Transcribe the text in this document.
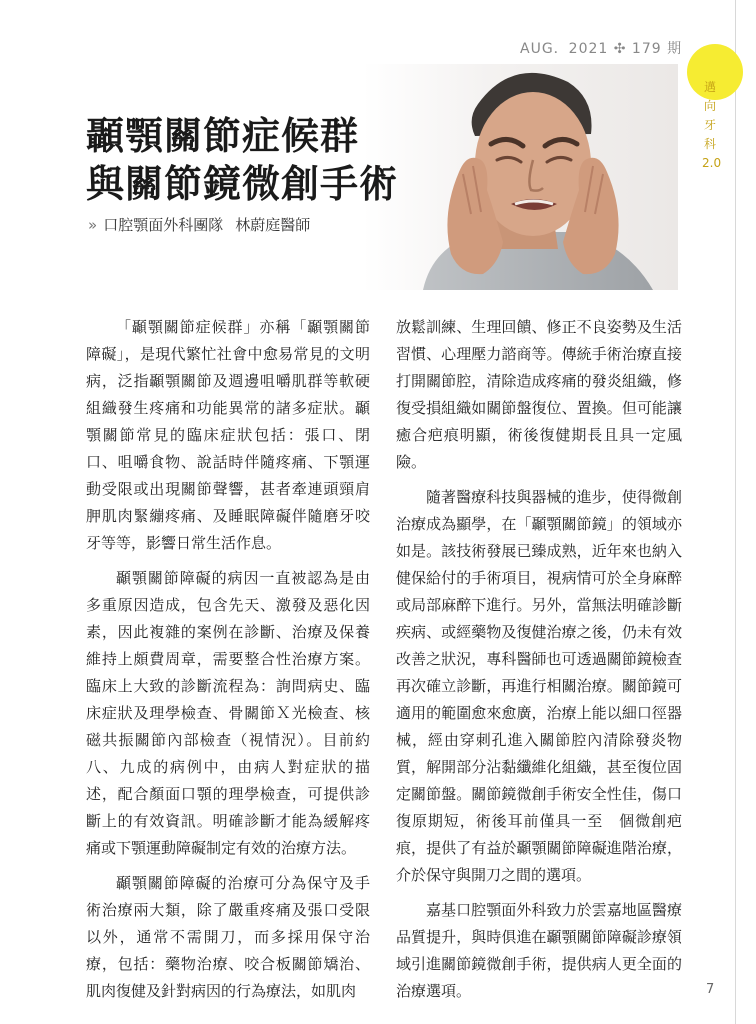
AUG．2021 ✣ 179 期
邁
向
牙
科
2.0
顳顎關節症候群
與關節鏡微創手術
» 口腔顎面外科團隊 林蔚庭醫師

「顳顎關節症候群」亦稱「顳顎關節障礙」，是現代繁忙社會中愈易常見的文明病，泛指顳顎關節及週邊咀嚼肌群等軟硬組織發生疼痛和功能異常的諸多症狀。顳顎關節常見的臨床症狀包括：張口、閉口、咀嚼食物、說話時伴隨疼痛、下顎運動受限或出現關節聲響，甚者牽連頭頸肩胛肌肉緊繃疼痛、及睡眠障礙伴隨磨牙咬牙等等，影響日常生活作息。

顳顎關節障礙的病因一直被認為是由多重原因造成，包含先天、激發及惡化因素，因此複雜的案例在診斷、治療及保養維持上頗費周章，需要整合性治療方案。臨床上大致的診斷流程為：詢問病史、臨床症狀及理學檢查、骨關節Ｘ光檢查、核磁共振關節內部檢查（視情況）。目前約八、九成的病例中，由病人對症狀的描述，配合顏面口顎的理學檢查，可提供診斷上的有效資訊。明確診斷才能為緩解疼痛或下顎運動障礙制定有效的治療方法。

顳顎關節障礙的治療可分為保守及手術治療兩大類，除了嚴重疼痛及張口受限以外，通常不需開刀，而多採用保守治療，包括：藥物治療、咬合板關節矯治、肌肉復健及針對病因的行為療法，如肌肉

放鬆訓練、生理回饋、修正不良姿勢及生活習慣、心理壓力諮商等。傳統手術治療直接打開關節腔，清除造成疼痛的發炎組織，修復受損組織如關節盤復位、置換。但可能讓癒合疤痕明顯，術後復健期長且具一定風險。

隨著醫療科技與器械的進步，使得微創治療成為顯學，在「顳顎關節鏡」的領域亦如是。該技術發展已臻成熟，近年來也納入健保給付的手術項目，視病情可於全身麻醉或局部麻醉下進行。另外，當無法明確診斷疾病、或經藥物及復健治療之後，仍未有效改善之狀況，專科醫師也可透過關節鏡檢查再次確立診斷，再進行相關治療。關節鏡可適用的範圍愈來愈廣，治療上能以細口徑器械，經由穿刺孔進入關節腔內清除發炎物質，解開部分沾黏纖維化組織，甚至復位固定關節盤。關節鏡微創手術安全性佳，傷口復原期短，術後耳前僅具一至　個微創疤痕，提供了有益於顳顎關節障礙進階治療，介於保守與開刀之間的選項。

嘉基口腔顎面外科致力於雲嘉地區醫療品質提升，與時俱進在顳顎關節障礙診療領域引進關節鏡微創手術，提供病人更全面的治療選項。	7
